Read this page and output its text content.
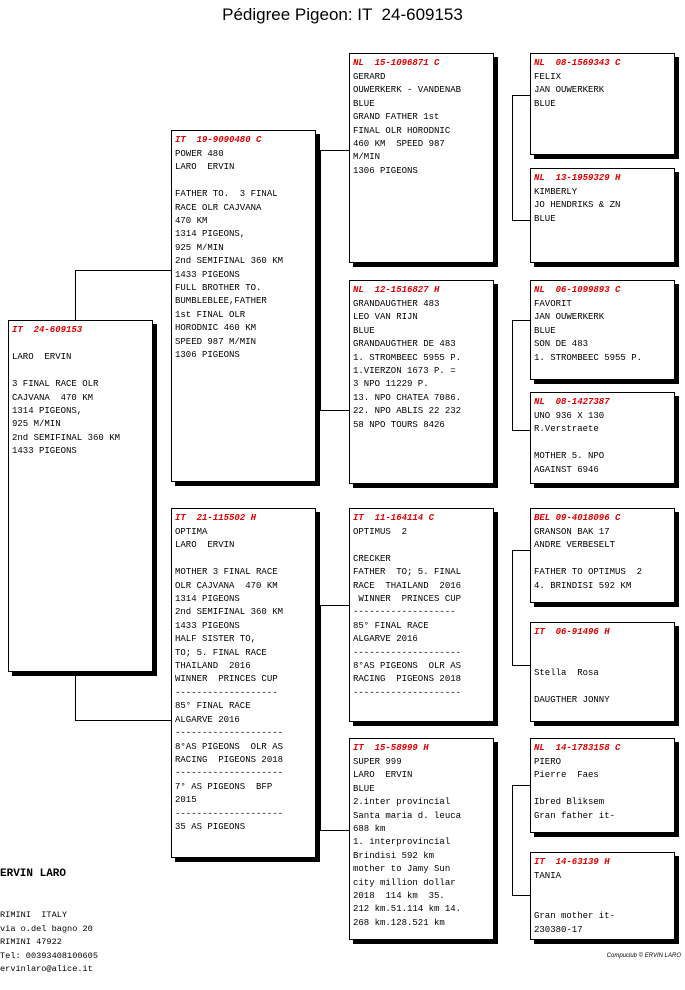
Pédigree Pigeon: IT  24-609153
IT  24-609153

LARO  ERVIN

3 FINAL RACE OLR
CAJVANA  470 KM
1314 PIGEONS,
925 M/MIN
2nd SEMIFINAL 360 KM
1433 PIGEONS
IT  19-9090480 C
POWER 480
LARO  ERVIN

FATHER TO.  3 FINAL
RACE OLR CAJVANA
470 KM
1314 PIGEONS,
925 M/MIN
2nd SEMIFINAL 360 KM
1433 PIGEONS
FULL BROTHER TO.
BUMBLEBLEE,FATHER
1st FINAL OLR
HORODNIC 460 KM
SPEED 987 M/MIN
1306 PIGEONS
IT  21-115502 H
OPTIMA
LARO  ERVIN

MOTHER 3 FINAL RACE
OLR CAJVANA  470 KM
1314 PIGEONS
2nd SEMIFINAL 360 KM
1433 PIGEONS
HALF SISTER TO,
TO; 5. FINAL RACE
THAILAND  2016
WINNER  PRINCES CUP
-------------------
85° FINAL RACE
ALGARVE 2016
--------------------
8°AS PIGEONS  OLR AS
RACING  PIGEONS 2018
--------------------
7° AS PIGEONS  BFP
2015
--------------------
35 AS PIGEONS
NL  15-1096871 C
GERARD
OUWERKERK - VANDENAB
BLUE
GRAND FATHER 1st
FINAL OLR HORODNIC
460 KM  SPEED 987
M/MIN
1306 PIGEONS
NL  12-1516827 H
GRANDAUGTHER 483
LEO VAN RIJN
BLUE
GRANDAUGTHER DE 483
1. STROMBEEC 5955 P.
1.VIERZON 1673 P. =
3 NPO 11229 P.
13. NPO CHATEA 7086.
22. NPO ABLIS 22 232
58 NPO TOURS 8426
IT  11-164114 C
OPTIMUS  2

CRECKER
FATHER  TO; 5. FINAL
RACE  THAILAND  2016
WINNER  PRINCES CUP
-------------------
85° FINAL RACE
ALGARVE 2016
--------------------
8°AS PIGEONS  OLR AS
RACING  PIGEONS 2018
--------------------
IT  15-58999 H
SUPER 999
LARO  ERVIN
BLUE
2.inter provincial
Santa maria d. leuca
688 km
1. interprovincial
Brindisi 592 km
mother to Jamy Sun
city million dollar
2018  114 km  35.
212 km.51.114 km 14.
268 km.128.521 km
NL  08-1569343 C
FELIX
JAN OUWERKERK
BLUE
NL  13-1959329 H
KIMBERLY
JO HENDRIKS & ZN
BLUE
NL  06-1099893 C
FAVORIT
JAN OUWERKERK
BLUE
SON DE 483
1. STROMBEEC 5955 P.
NL  08-1427387
UNO 936 X 130
R.Verstraete

MOTHER 5. NPO
AGAINST 6946
BEL 09-4018096 C
GRANSON BAK 17
ANDRE VERBESELT

FATHER TO OPTIMUS  2
4. BRINDISI 592 KM
IT  06-91496 H

Stella  Rosa

DAUGTHER JONNY
NL  14-1783158 C
PIERO
Pierre  Faes

Ibred Bliksem
Gran father it-
IT  14-63139 H
TANIA

Gran mother it-
230380-17

ERVIN LARO

RIMINI  ITALY
via o.del bagno 20
RIMINI 47922
Tel: 00393408100605
ervinlaro@alice.it

Compuclub © ERVIN LARO
